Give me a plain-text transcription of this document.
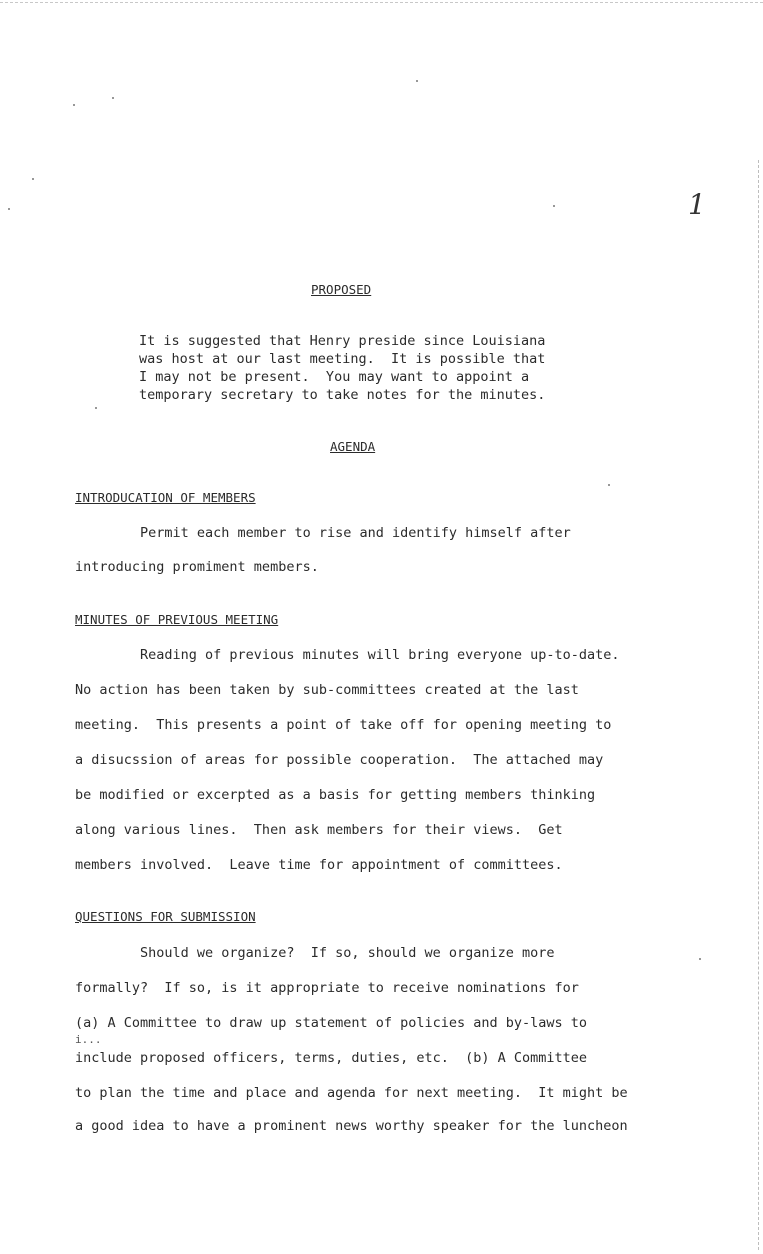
1
PROPOSED
It is suggested that Henry preside since Louisiana
was host at our last meeting.  It is possible that
I may not be present.  You may want to appoint a
temporary secretary to take notes for the minutes.
AGENDA
INTRODUCATION OF MEMBERS
Permit each member to rise and identify himself after
introducing promiment members.
MINUTES OF PREVIOUS MEETING
Reading of previous minutes will bring everyone up-to-date.
No action has been taken by sub-committees created at the last
meeting.  This presents a point of take off for opening meeting to
a disucssion of areas for possible cooperation.  The attached may
be modified or excerpted as a basis for getting members thinking
along various lines.  Then ask members for their views.  Get
members involved.  Leave time for appointment of committees.
QUESTIONS FOR SUBMISSION
Should we organize?  If so, should we organize more
formally?  If so, is it appropriate to receive nominations for
(a) A Committee to draw up statement of policies and by-laws to
i...
include proposed officers, terms, duties, etc.  (b) A Committee
to plan the time and place and agenda for next meeting.  It might be
a good idea to have a prominent news worthy speaker for the luncheon
